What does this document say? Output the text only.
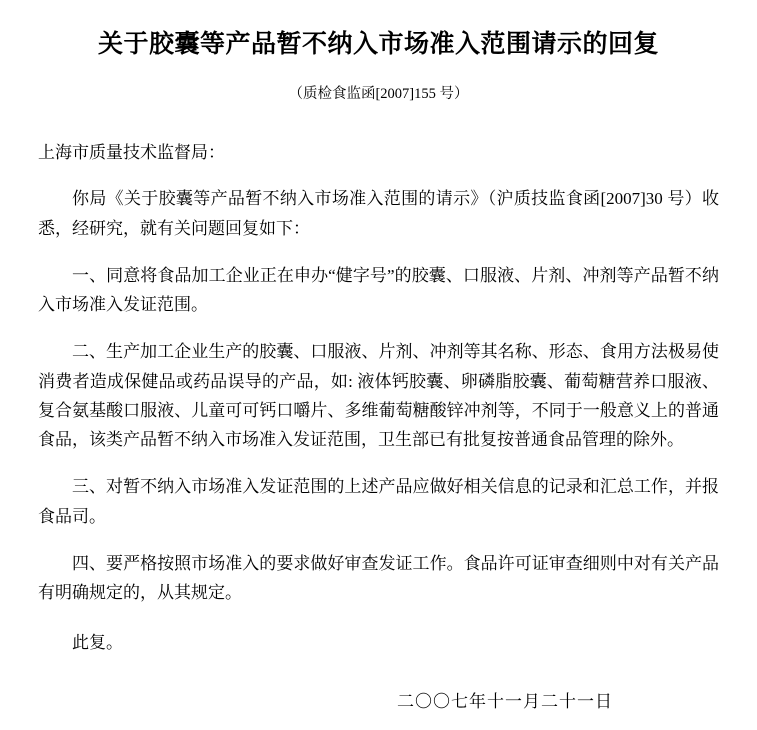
关于胶囊等产品暂不纳入市场准入范围请示的回复
（质检食监函[2007]155 号）

上海市质量技术监督局：

你局《关于胶囊等产品暂不纳入市场准入范围的请示》（沪质技监食函[2007]30 号）收悉，经研究，就有关问题回复如下：

一、同意将食品加工企业正在申办“健字号”的胶囊、口服液、片剂、冲剂等产品暂不纳入市场准入发证范围。

二、生产加工企业生产的胶囊、口服液、片剂、冲剂等其名称、形态、食用方法极易使消费者造成保健品或药品误导的产品，如: 液体钙胶囊、卵磷脂胶囊、葡萄糖营养口服液、复合氨基酸口服液、儿童可可钙口嚼片、多维葡萄糖酸锌冲剂等，不同于一般意义上的普通食品，该类产品暂不纳入市场准入发证范围，卫生部已有批复按普通食品管理的除外。

三、对暂不纳入市场准入发证范围的上述产品应做好相关信息的记录和汇总工作，并报食品司。

四、要严格按照市场准入的要求做好审查发证工作。食品许可证审查细则中对有关产品有明确规定的，从其规定。

此复。

二〇〇七年十一月二十一日
